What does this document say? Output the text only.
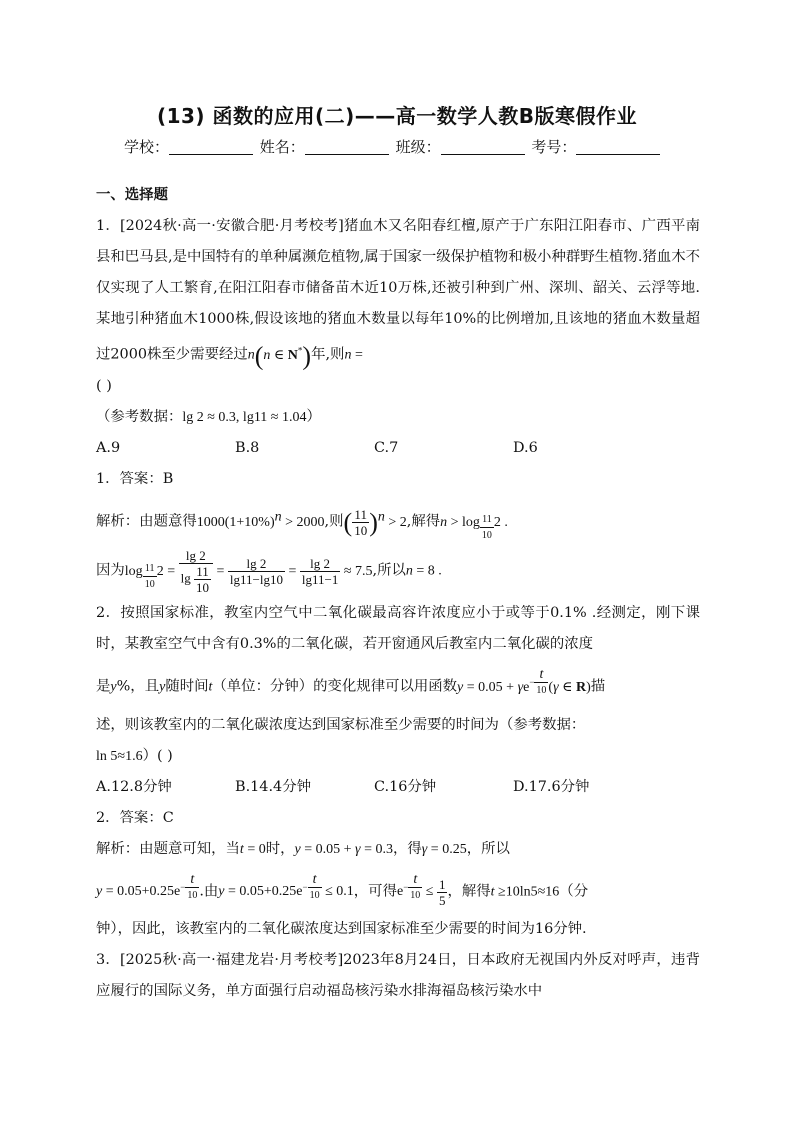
(13) 函数的应用(二)——高一数学人教B版寒假作业
学校：	姓名：	班级：	考号：

一、选择题

1．[2024秋·高一·安徽合肥·月考校考]猪血木又名阳春红檀,原产于广东阳江阳春市、广西平南县和巴马县,是中国特有的单种属濒危植物,属于国家一级保护植物和极小种群野生植物.猪血木不仅实现了人工繁育,在阳江阳春市储备苗木近10万株,还被引种到广州、深圳、韶关、云浮等地.某地引种猪血木1000株,假设该地的猪血木数量以每年10%的比例增加,且该地的猪血木数量超过2000株至少需要经过n(n ∈ N*)年,则n =

( )

（参考数据：lg 2 ≈ 0.3, lg11 ≈ 1.04）

A.9	B.8	C.7	D.6

1．答案：B

解析：由题意得$1000(1+10\%)^n > 2000$,则( $\frac{11}{10} )^n > 2$,解得n > log $_{\frac{11}{10}}$ 2 .

因为log $_{\frac{11}{10}}$ $2 = \frac{\lg 2}{\lg \frac{11}{10}} = \frac{\lg 2}{\lg 11-\lg 10} = \frac{\lg 2}{\lg 11-1} \approx 7.5$,所以n = 8 .

2．按照国家标准，教室内空气中二氧化碳最高容许浓度应小于或等于0.1% .经测定，刚下课时，某教室空气中含有0.3%的二氧化碳，若开窗通风后教室内二氧化碳的浓度

是y%，且y随时间t（单位：分钟）的变化规律可以用函数$y = 0.05 + \gamma e^{- \frac{t}{10}}$ (γ ∈ R)描

述，则该教室内的二氧化碳浓度达到国家标准至少需要的时间为（参考数据：

ln 5≈1.6）( )

A.12.8分钟	B.14.4分钟	C.16分钟	D.17.6分钟

2．答案：C

解析：由题意可知，当t = 0时，y = 0.05 + γ = 0.3，得γ = 0.25，所以

$y = 0.05+0.25e^{- \frac{t}{10}}$ .由$y = 0.05+0.25e^{- \frac{t}{10}} \le 0.1$，可得$e^{- \frac{t}{10}} \le \frac{1}{5}$ ，解得t ≥10ln5≈16（分

钟），因此，该教室内的二氧化碳浓度达到国家标准至少需要的时间为16分钟.

3．[2025秋·高一·福建龙岩·月考校考]2023年8月24日，日本政府无视国内外反对呼声，违背应履行的国际义务，单方面强行启动福岛核污染水排海福岛核污染水中
